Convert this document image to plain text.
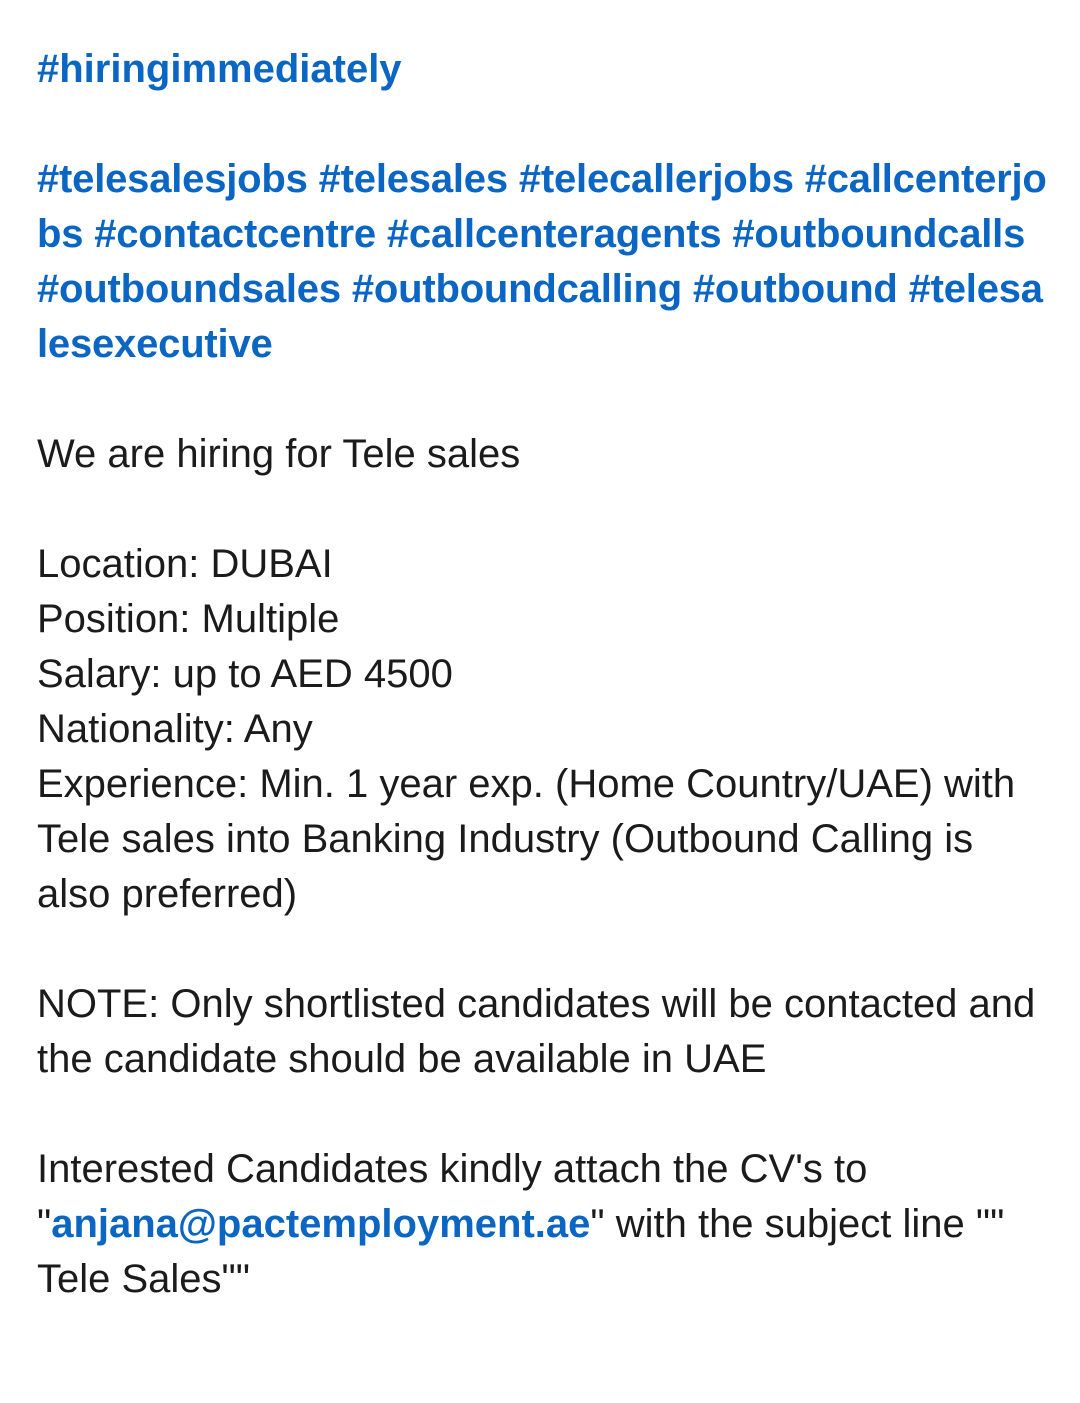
#hiringimmediately

#telesalesjobs #telesales #telecallerjobs #callcenterjobs #contactcentre #callcenteragents #outboundcalls #outboundsales #outboundcalling #outbound #telesalesexecutive

We are hiring for Tele sales

Location: DUBAI
Position: Multiple
Salary: up to AED 4500
Nationality: Any
Experience: Min. 1 year exp. (Home Country/UAE) with Tele sales into Banking Industry (Outbound Calling is also preferred)

NOTE: Only shortlisted candidates will be contacted and the candidate should be available in UAE

Interested Candidates kindly attach the CV's to "anjana@pactemployment.ae" with the subject line "" Tele Sales""
